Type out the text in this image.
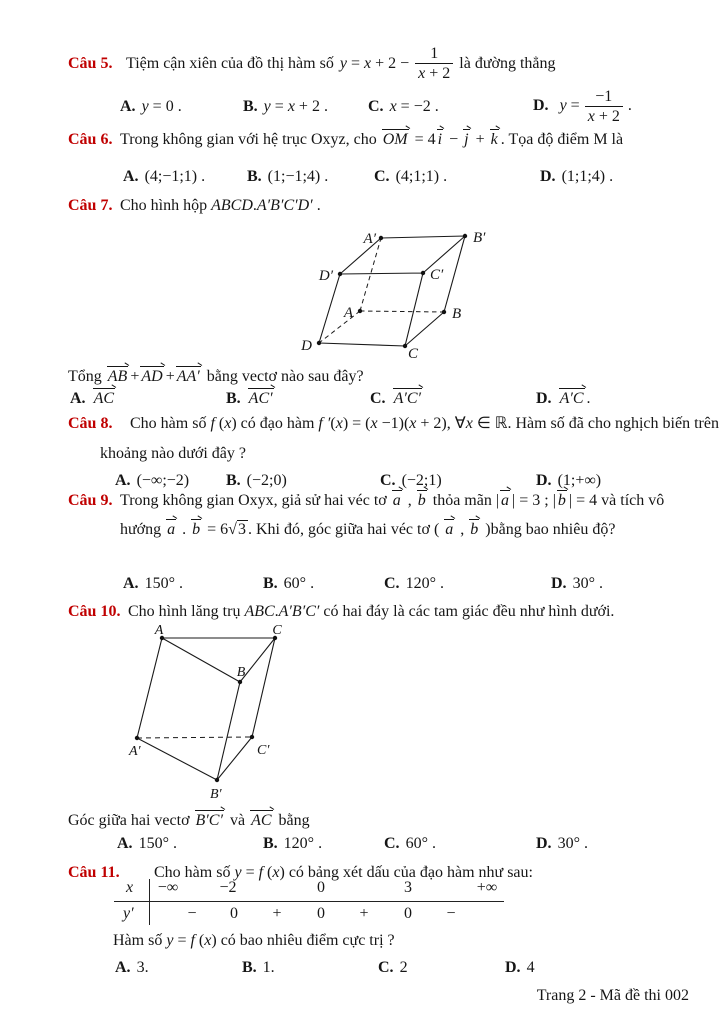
Câu 5. Tiệm cận xiên của đồ thị hàm số $y = x + 2 - \frac{1}{x + 2}$ là đường thẳng
A. y = 0 .	B. y = x + 2 .	C. x = −2 .	D. $y = \frac{-1}{x + 2}$ .
Câu 6. Trong không gian với hệ trục Oxyz, cho OM = 4 i − j + k . Tọa độ điểm M là
A. (4;−1;1) .	B. (1;−1;4) .	C. (4;1;1) .	D. (1;1;4) .
Câu 7. Cho hình hộp ABCD.A′B′C′D′ .
A′	B′
D′	C′
A	B
D	C
Tổng AB + AD + AA′ bằng vectơ nào sau đây?
A. AC	B. AC′	C. A′C′	D. A′C .
Câu 8. Cho hàm số f (x) có đạo hàm f ′(x) = (x −1)(x + 2), ∀x ∈ ℝ. Hàm số đã cho nghịch biến trên
khoảng nào dưới đây ?
A. (−∞;−2) B. (−2;0)	C. (−2;1)	D. (1;+∞)
Câu 9. Trong không gian Oxyx, giả sử hai véc tơ a , b thỏa mãn | a | = 3 ; | b | = 4 và tích vô
hướng a . b = 6√3 . Khi đó, góc giữa hai véc tơ ( a , b )bằng bao nhiêu độ?
A. 150° .	B. 60° .	C. 120° .	D. 30° .
Câu 10. Cho hình lăng trụ ABC.A′B′C′ có hai đáy là các tam giác đều như hình dưới.
A	C
B
A′	C′
B′
Góc giữa hai vectơ B′C′ và AC bằng
A. 150° .	B. 120° .	C. 60° .	D. 30° .
Câu 11. Cho hàm số y = f (x) có bảng xét dấu của đạo hàm như sau:
x −∞	−2	0	3	+∞
y′	− 0 + 0 + 0 −
Hàm số y = f (x) có bao nhiêu điểm cực trị ?
A. 3.	B. 1.	C. 2	D. 4
Trang 2 - Mã đề thi 002
